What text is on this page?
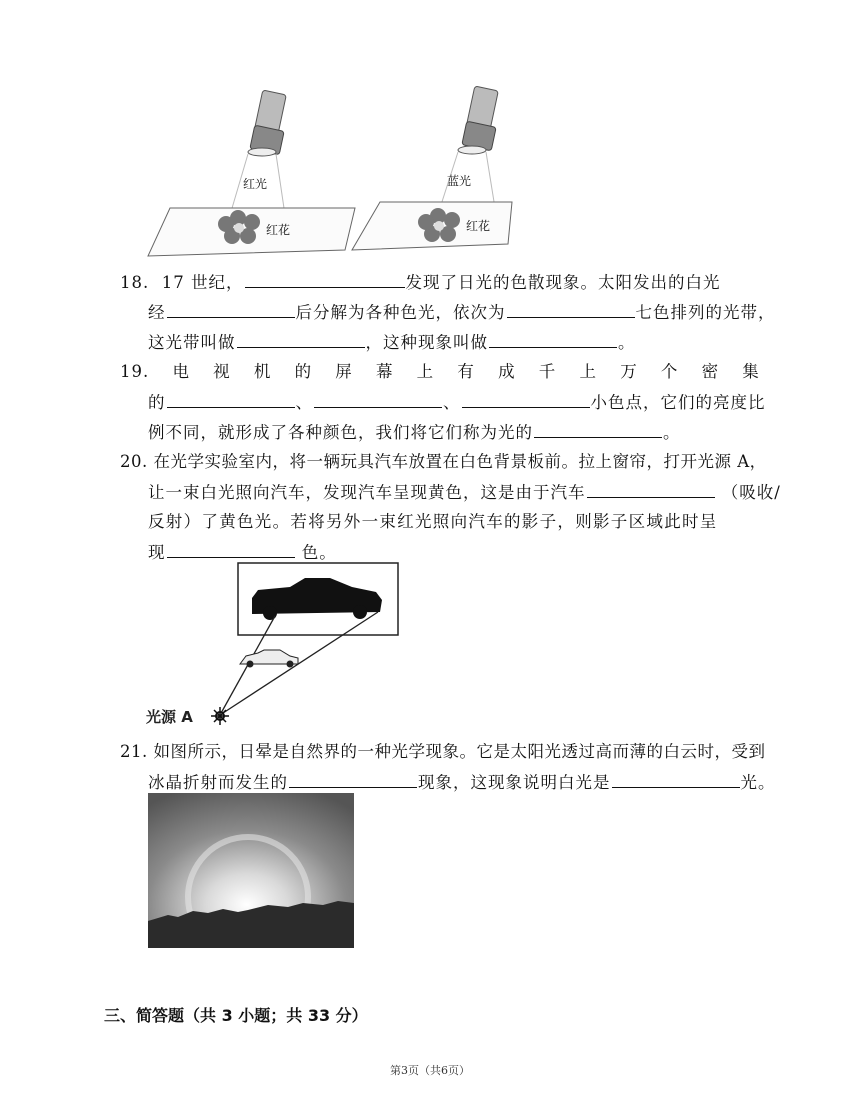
红光	蓝光
红花	红花
18. 17 世纪，	发现了日光的色散现象。太阳发出的白光
经	后分解为各种色光，依次为	七色排列的光带，
这光带叫做	，这种现象叫做	。
19. 电 视 机 的 屏 幕 上 有 成 千 上 万 个 密 集
的	、	、	小色点，它们的亮度比
例不同，就形成了各种颜色，我们将它们称为光的	。
20. 在光学实验室内，将一辆玩具汽车放置在白色背景板前。拉上窗帘，打开光源 A，
让一束白光照向汽车，发现汽车呈现黄色，这是由于汽车	（吸收/
反射）了黄色光。若将另外一束红光照向汽车的影子，则影子区域此时呈
现	色。
光源 A
21. 如图所示，日晕是自然界的一种光学现象。它是太阳光透过高而薄的白云时，受到
冰晶折射而发生的	现象，这现象说明白光是	光。
三、简答题（共 3 小题；共 33 分）
第3页（共6页）
